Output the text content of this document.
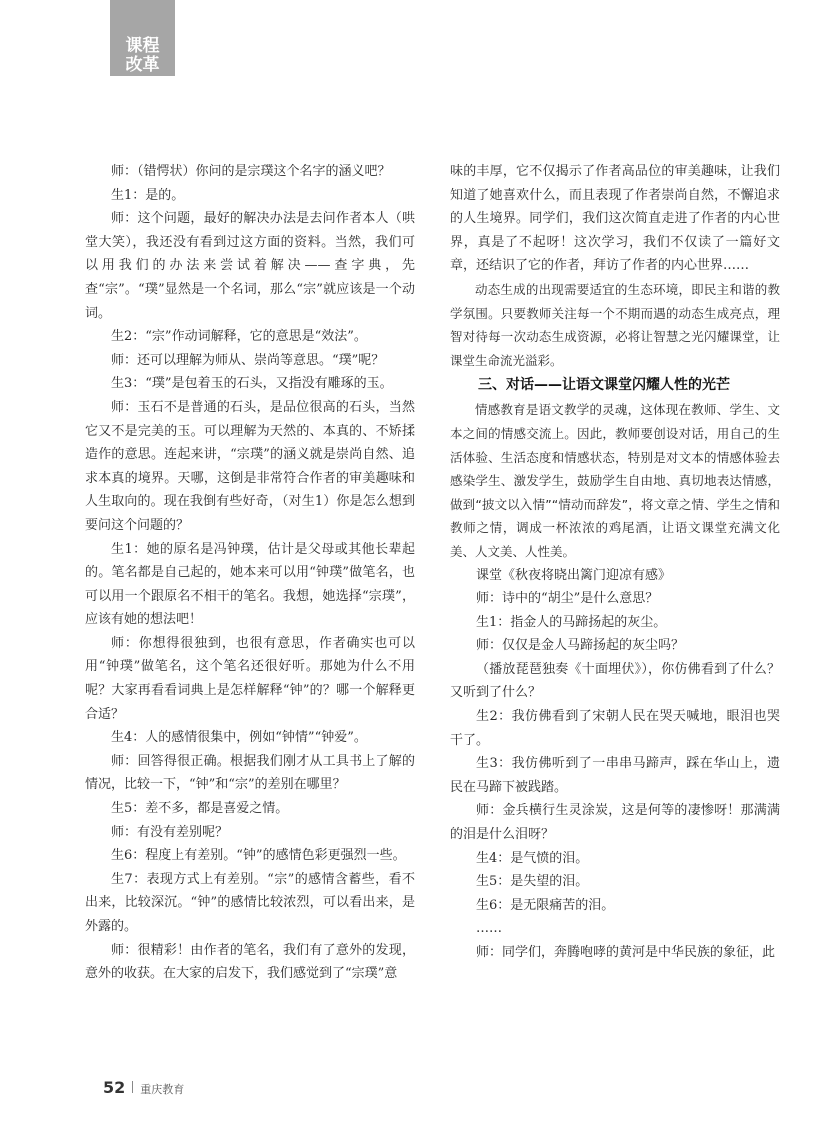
课程
改革

师：（错愕状）你问的是宗璞这个名字的涵义吧？

生1：是的。

师：这个问题，最好的解决办法是去问作者本人（哄堂大笑），我还没有看到过这方面的资料。当然，我们可以用我们的办法来尝试着解决——查字典，先查“宗”。“璞”显然是一个名词，那么“宗”就应该是一个动词。

生2：“宗”作动词解释，它的意思是“效法”。

师：还可以理解为师从、崇尚等意思。“璞”呢？

生3：“璞”是包着玉的石头，又指没有雕琢的玉。

师：玉石不是普通的石头，是品位很高的石头，当然它又不是完美的玉。可以理解为天然的、本真的、不矫揉造作的意思。连起来讲，“宗璞”的涵义就是崇尚自然、追求本真的境界。天哪，这倒是非常符合作者的审美趣味和人生取向的。现在我倒有些好奇，（对生1）你是怎么想到要问这个问题的？

生1：她的原名是冯钟璞，估计是父母或其他长辈起的。笔名都是自己起的，她本来可以用“钟璞”做笔名，也可以用一个跟原名不相干的笔名。我想，她选择“宗璞”，应该有她的想法吧！

师：你想得很独到，也很有意思，作者确实也可以用“钟璞”做笔名，这个笔名还很好听。那她为什么不用呢？大家再看看词典上是怎样解释“钟”的？哪一个解释更合适？

生4：人的感情很集中，例如“钟情”“钟爱”。

师：回答得很正确。根据我们刚才从工具书上了解的情况，比较一下，“钟”和“宗”的差别在哪里？

生5：差不多，都是喜爱之情。

师：有没有差别呢？

生6：程度上有差别。“钟”的感情色彩更强烈一些。

生7：表现方式上有差别。“宗”的感情含蓄些，看不出来，比较深沉。“钟”的感情比较浓烈，可以看出来，是外露的。

师：很精彩！由作者的笔名，我们有了意外的发现，意外的收获。在大家的启发下，我们感觉到了“宗璞”意

味的丰厚，它不仅揭示了作者高品位的审美趣味，让我们知道了她喜欢什么，而且表现了作者崇尚自然，不懈追求的人生境界。同学们，我们这次简直走进了作者的内心世界，真是了不起呀！这次学习，我们不仅读了一篇好文章，还结识了它的作者，拜访了作者的内心世界……

动态生成的出现需要适宜的生态环境，即民主和谐的教学氛围。只要教师关注每一个不期而遇的动态生成亮点，理智对待每一次动态生成资源，必将让智慧之光闪耀课堂，让课堂生命流光溢彩。

三、对话——让语文课堂闪耀人性的光芒

情感教育是语文教学的灵魂，这体现在教师、学生、文本之间的情感交流上。因此，教师要创设对话，用自己的生活体验、生活态度和情感状态，特别是对文本的情感体验去感染学生、激发学生，鼓励学生自由地、真切地表达情感，做到“披文以入情”“情动而辞发”，将文章之情、学生之情和教师之情，调成一杯浓浓的鸡尾酒，让语文课堂充满文化美、人文美、人性美。

课堂《秋夜将晓出篱门迎凉有感》

师：诗中的“胡尘”是什么意思？

生1：指金人的马蹄扬起的灰尘。

师：仅仅是金人马蹄扬起的灰尘吗？

（播放琵琶独奏《十面埋伏》），你仿佛看到了什么？又听到了什么？

生2：我仿佛看到了宋朝人民在哭天喊地，眼泪也哭干了。

生3：我仿佛听到了一串串马蹄声，踩在华山上，遗民在马蹄下被践踏。

师：金兵横行生灵涂炭，这是何等的凄惨呀！那满满的泪是什么泪呀？

生4：是气愤的泪。

生5：是失望的泪。

生6：是无限痛苦的泪。

……

师：同学们，奔腾咆哮的黄河是中华民族的象征，此

52 重庆教育
